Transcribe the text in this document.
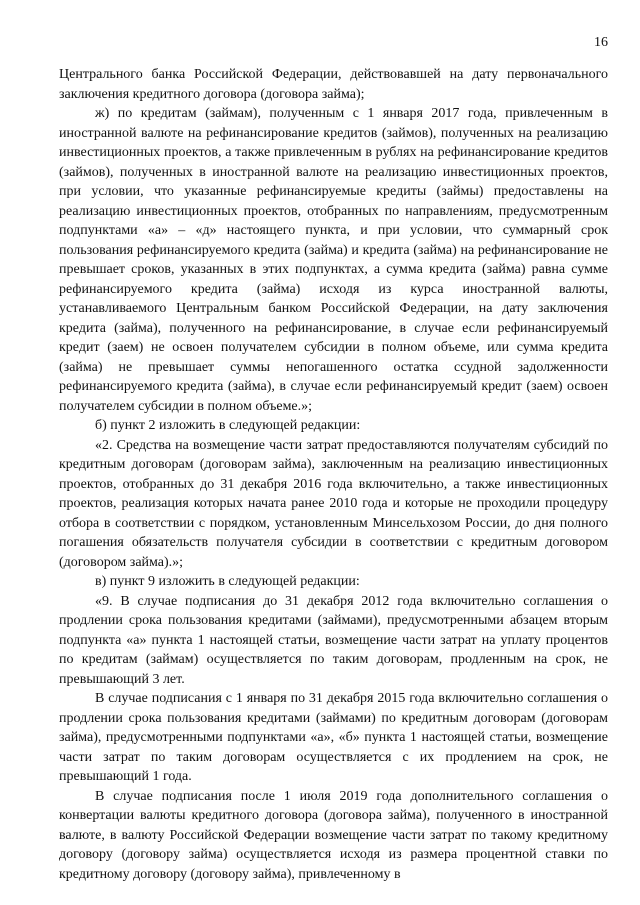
16

Центрального банка Российской Федерации, действовавшей на дату первоначального заключения кредитного договора (договора займа);

ж) по кредитам (займам), полученным с 1 января 2017 года, привлеченным в иностранной валюте на рефинансирование кредитов (займов), полученных на реализацию инвестиционных проектов, а также привлеченным в рублях на рефинансирование кредитов (займов), полученных в иностранной валюте на реализацию инвестиционных проектов, при условии, что указанные рефинансируемые кредиты (займы) предоставлены на реализацию инвестиционных проектов, отобранных по направлениям, предусмотренным подпунктами «а» – «д» настоящего пункта, и при условии, что суммарный срок пользования рефинансируемого кредита (займа) и кредита (займа) на рефинансирование не превышает сроков, указанных в этих подпунктах, а сумма кредита (займа) равна сумме рефинансируемого кредита (займа) исходя из курса иностранной валюты, устанавливаемого Центральным банком Российской Федерации, на дату заключения кредита (займа), полученного на рефинансирование, в случае если рефинансируемый кредит (заем) не освоен получателем субсидии в полном объеме, или сумма кредита (займа) не превышает суммы непогашенного остатка ссудной задолженности рефинансируемого кредита (займа), в случае если рефинансируемый кредит (заем) освоен получателем субсидии в полном объеме.»;

б) пункт 2 изложить в следующей редакции:

«2. Средства на возмещение части затрат предоставляются получателям субсидий по кредитным договорам (договорам займа), заключенным на реализацию инвестиционных проектов, отобранных до 31 декабря 2016 года включительно, а также инвестиционных проектов, реализация которых начата ранее 2010 года и которые не проходили процедуру отбора в соответствии с порядком, установленным Минсельхозом России, до дня полного погашения обязательств получателя субсидии в соответствии с кредитным договором (договором займа).»;

в) пункт 9 изложить в следующей редакции:

«9. В случае подписания до 31 декабря 2012 года включительно соглашения о продлении срока пользования кредитами (займами), предусмотренными абзацем вторым подпункта «а» пункта 1 настоящей статьи, возмещение части затрат на уплату процентов по кредитам (займам) осуществляется по таким договорам, продленным на срок, не превышающий 3 лет.

В случае подписания с 1 января по 31 декабря 2015 года включительно соглашения о продлении срока пользования кредитами (займами) по кредитным договорам (договорам займа), предусмотренными подпунктами «а», «б» пункта 1 настоящей статьи, возмещение части затрат по таким договорам осуществляется с их продлением на срок, не превышающий 1 года.

В случае подписания после 1 июля 2019 года дополнительного соглашения о конвертации валюты кредитного договора (договора займа), полученного в иностранной валюте, в валюту Российской Федерации возмещение части затрат по такому кредитному договору (договору займа) осуществляется исходя из размера процентной ставки по кредитному договору (договору займа), привлеченному в
